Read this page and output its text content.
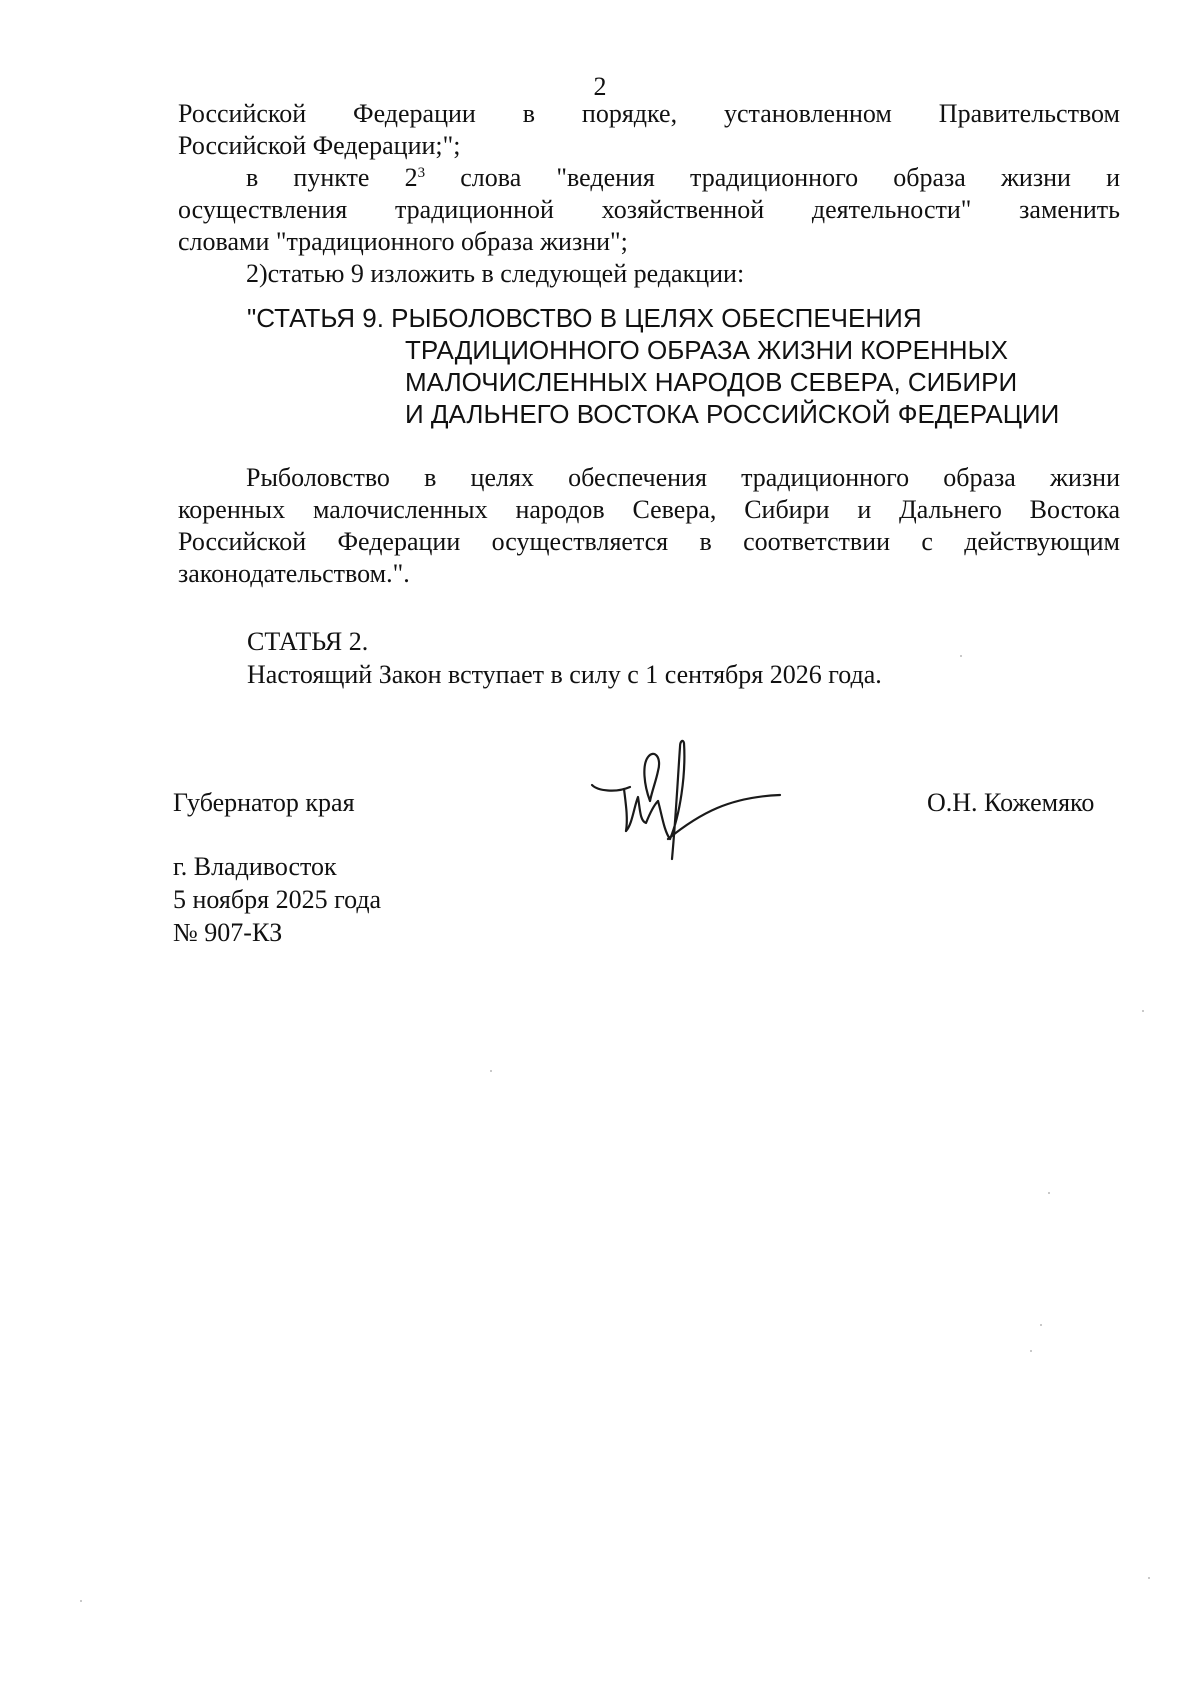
2

Российской Федерации в порядке, установленном Правительством

Российской Федерации;";

в пункте $2^3$ слова "ведения традиционного образа жизни и

осуществления традиционной хозяйственной деятельности" заменить

словами "традиционного образа жизни";

2)статью 9 изложить в следующей редакции:

"СТАТЬЯ 9. РЫБОЛОВСТВО В ЦЕЛЯХ ОБЕСПЕЧЕНИЯ
ТРАДИЦИОННОГО ОБРАЗА ЖИЗНИ КОРЕННЫХ
МАЛОЧИСЛЕННЫХ НАРОДОВ СЕВЕРА, СИБИРИ
И ДАЛЬНЕГО ВОСТОКА РОССИЙСКОЙ ФЕДЕРАЦИИ

Рыболовство в целях обеспечения традиционного образа жизни

коренных малочисленных народов Севера, Сибири и Дальнего Востока

Российской Федерации осуществляется в соответствии с действующим

законодательством.".

СТАТЬЯ 2.
Настоящий Закон вступает в силу с 1 сентября 2026 года.
Губернатор края	О.Н. Кожемяко
г. Владивосток
5 ноября 2025 года
№ 907-КЗ
